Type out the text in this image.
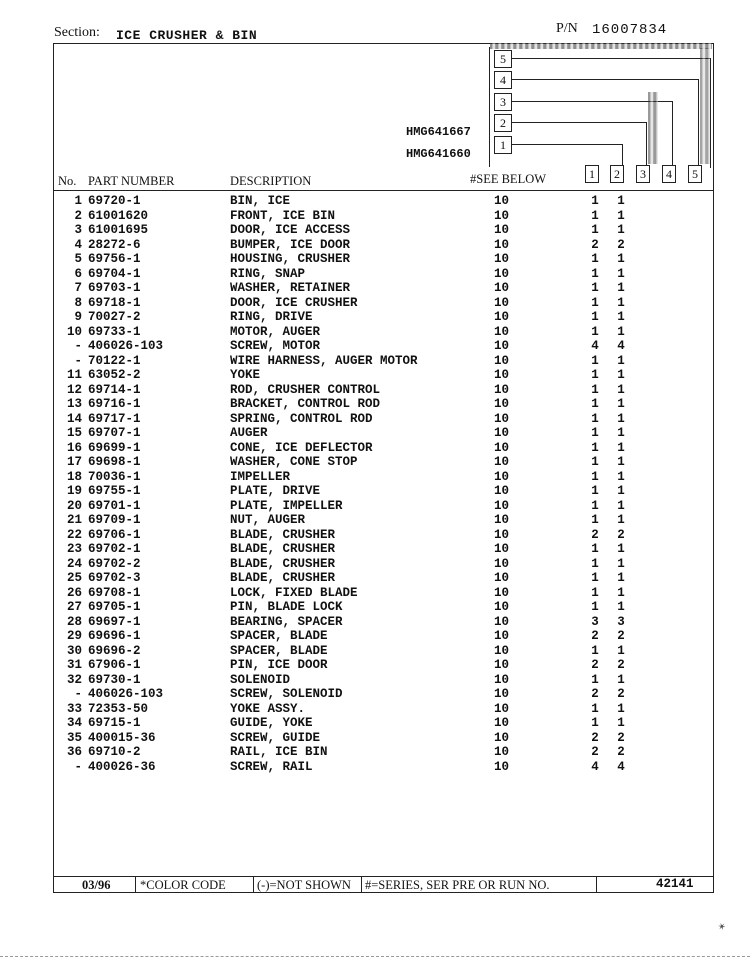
Section: ICE CRUSHER & BIN	P/N 16007834
5
4
3
2
1
HMG641667
HMG641660
No. PART NUMBER	DESCRIPTION	#SEE BELOW	1	2	3	4	5
1 69720-1	BIN, ICE	10	1 1
2 61001620	FRONT, ICE BIN	10	1 1
3 61001695	DOOR, ICE ACCESS	10	1 1
4 28272-6	BUMPER, ICE DOOR	10	2 2
5 69756-1	HOUSING, CRUSHER	10	1 1
6 69704-1	RING, SNAP	10	1 1
7 69703-1	WASHER, RETAINER	10	1 1
8 69718-1	DOOR, ICE CRUSHER	10	1 1
9 70027-2	RING, DRIVE	10	1 1
10 69733-1	MOTOR, AUGER	10	1 1
- 406026-103	SCREW, MOTOR	10	4 4
- 70122-1	WIRE HARNESS, AUGER MOTOR	10	1 1
11 63052-2	YOKE	10	1 1
12 69714-1	ROD, CRUSHER CONTROL	10	1 1
13 69716-1	BRACKET, CONTROL ROD	10	1 1
14 69717-1	SPRING, CONTROL ROD	10	1 1
15 69707-1	AUGER	10	1 1
16 69699-1	CONE, ICE DEFLECTOR	10	1 1
17 69698-1	WASHER, CONE STOP	10	1 1
18 70036-1	IMPELLER	10	1 1
19 69755-1	PLATE, DRIVE	10	1 1
20 69701-1	PLATE, IMPELLER	10	1 1
21 69709-1	NUT, AUGER	10	1 1
22 69706-1	BLADE, CRUSHER	10	2 2
23 69702-1	BLADE, CRUSHER	10	1 1
24 69702-2	BLADE, CRUSHER	10	1 1
25 69702-3	BLADE, CRUSHER	10	1 1
26 69708-1	LOCK, FIXED BLADE	10	1 1
27 69705-1	PIN, BLADE LOCK	10	1 1
28 69697-1	BEARING, SPACER	10	3 3
29 69696-1	SPACER, BLADE	10	2 2
30 69696-2	SPACER, BLADE	10	1 1
31 67906-1	PIN, ICE DOOR	10	2 2
32 69730-1	SOLENOID	10	1 1
- 406026-103	SCREW, SOLENOID	10	2 2
33 72353-50	YOKE ASSY.	10	1 1
34 69715-1	GUIDE, YOKE	10	1 1
35 400015-36	SCREW, GUIDE	10	2 2
36 69710-2	RAIL, ICE BIN	10	2 2
- 400026-36	SCREW, RAIL	10	4 4
03/96 *COLOR CODE (-)=NOT SHOWN #=SERIES, SER PRE OR RUN NO.	42141
✶
